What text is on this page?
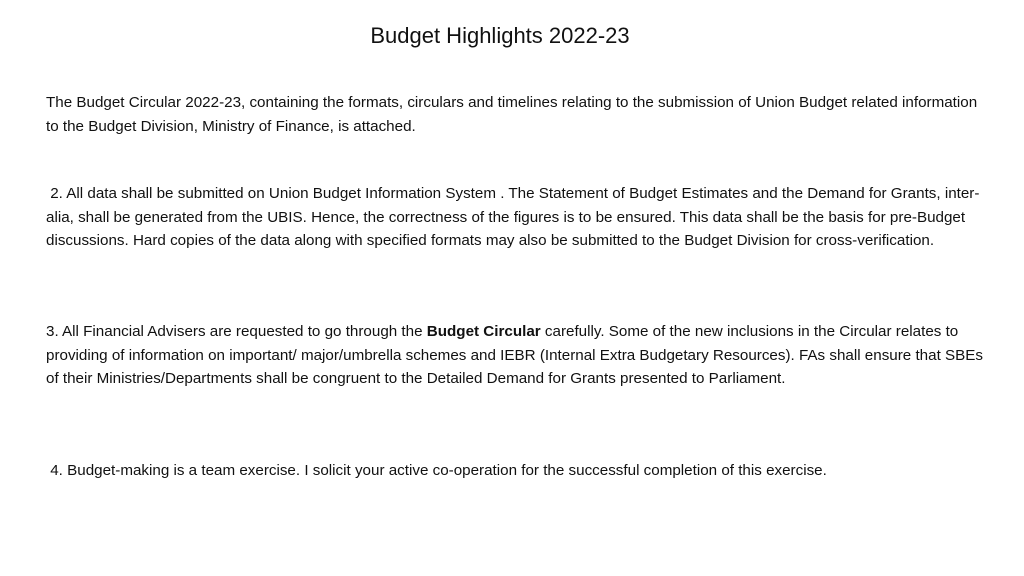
Budget Highlights 2022-23

The Budget Circular 2022-23, containing the formats, circulars and timelines relating to the submission of Union Budget related information to the Budget Division, Ministry of Finance, is attached.

2. All data shall be submitted on Union Budget Information System . The Statement of Budget Estimates and the Demand for Grants, inter-alia, shall be generated from the UBIS. Hence, the correctness of the figures is to be ensured. This data shall be the basis for pre-Budget discussions. Hard copies of the data along with specified formats may also be submitted to the Budget Division for cross-verification.

3. All Financial Advisers are requested to go through the Budget Circular carefully. Some of the new inclusions in the Circular relates to providing of information on important/ major/umbrella schemes and IEBR (Internal Extra Budgetary Resources). FAs shall ensure that SBEs of their Ministries/Departments shall be congruent to the Detailed Demand for Grants presented to Parliament.

4. Budget-making is a team exercise. I solicit your active co-operation for the successful completion of this exercise.
